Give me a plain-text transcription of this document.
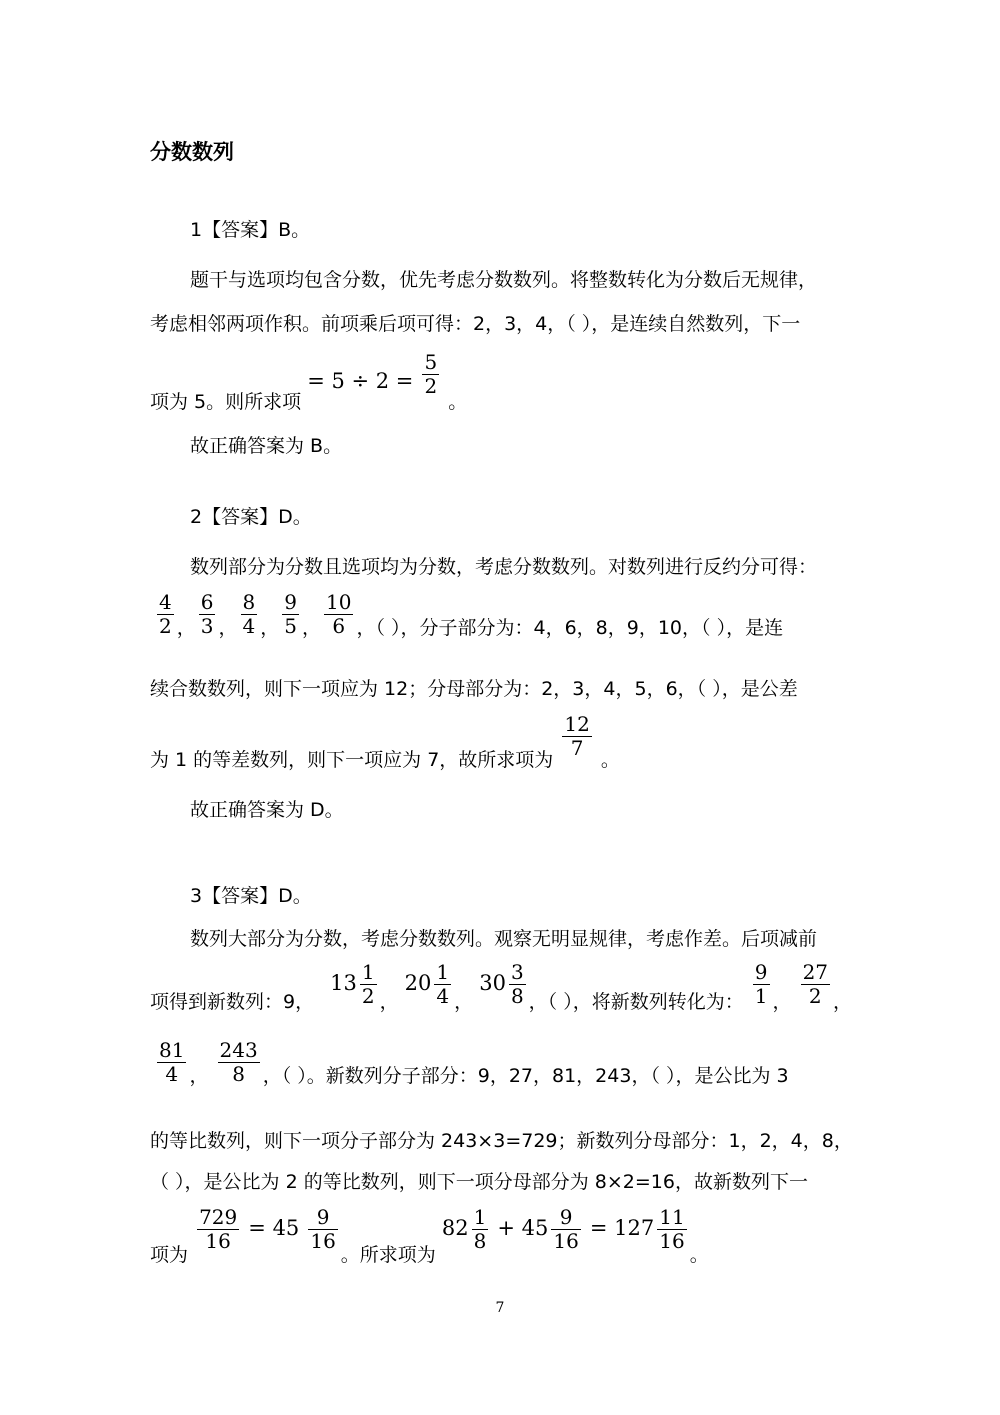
分数数列
1【答案】B。
题干与选项均包含分数，优先考虑分数数列。将整数转化为分数后无规律，
考虑相邻两项作积。前项乘后项可得：2，3，4，（ ），是连续自然数列，下一
项为 5。则所求项 = $5 \div 2 = \frac{5}{2}$
。
故正确答案为 B。
2【答案】D。
数列部分为分数且选项均为分数，考虑分数数列。对数列进行反约分可得：
$\frac{4}{2}$ ， $\frac{6}{3}$ ， $\frac{8}{4}$ ， $\frac{9}{5}$ ， $\frac{10}{6}$ ，（ ），分子部分为：4，6，8，9，10，（ ），是连
续合数数列，则下一项应为 12；分母部分为：2，3，4，5，6，（ ），是公差
为 1 的等差数列，则下一项应为 7，故所求项为
$\frac{12}{7}$
。
故正确答案为 D。
3【答案】D。
数列大部分为分数，考虑分数数列。观察无明显规律，考虑作差。后项减前
项得到新数列：9， $13 \frac{1}{2}$ ， $20 \frac{1}{4}$ ， $30 \frac{3}{8}$ ，（ ），将新数列转化为： $\frac{9}{1}$ ， $\frac{27}{2}$ ，
$\frac{81}{4}$ ， $\frac{243}{8}$ ，（ ）。新数列分子部分：9，27，81，243，（ ），是公比为 3
的等比数列，则下一项分子部分为 243×3=729；新数列分母部分：1，2，4，8，
（ ），是公比为 2 的等比数列，则下一项分母部分为 8×2=16，故新数列下一
项为
$\frac{729}{16} = 45 \frac{9}{16}$
。所求项为 $82 \frac{1}{8} + 45 \frac{9}{16} = 127 \frac{11}{16}$
。
7
